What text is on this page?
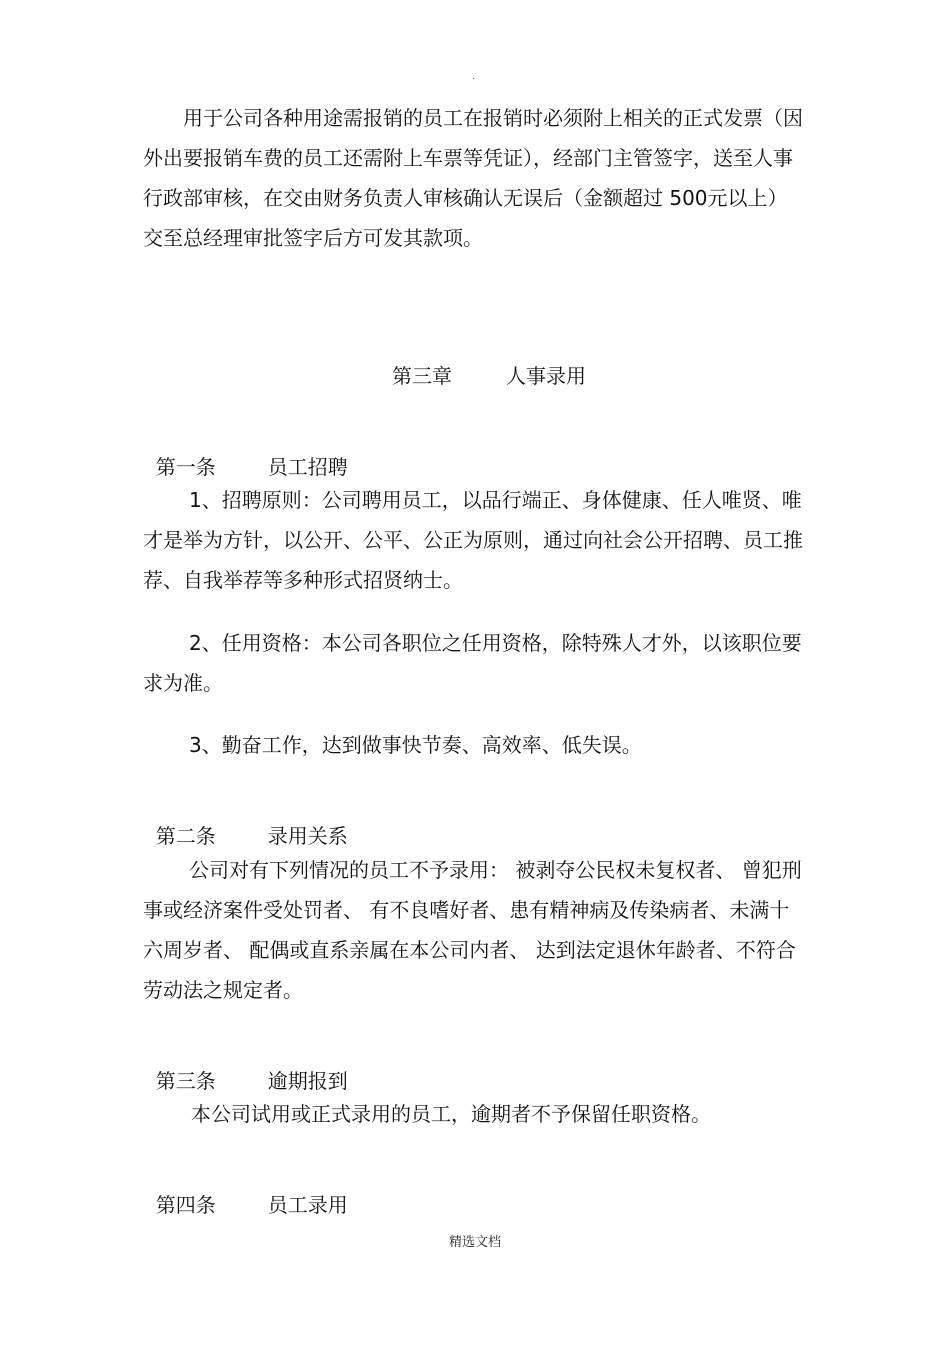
·

用于公司各种用途需报销的员工在报销时必须附上相关的正式发票（因外出要报销车费的员工还需附上车票等凭证），经部门主管签字，送至人事行政部审核，在交由财务负责人审核确认无误后（金额超过 500元以上）交至总经理审批签字后方可发其款项。

第三章	人事录用

第一条	员工招聘

1、招聘原则：公司聘用员工，以品行端正、身体健康、任人唯贤、唯才是举为方针，以公开、公平、公正为原则，通过向社会公开招聘、员工推荐、自我举荐等多种形式招贤纳士。

2、任用资格：本公司各职位之任用资格，除特殊人才外，以该职位要求为准。

3、勤奋工作，达到做事快节奏、高效率、低失误。

第二条	录用关系

公司对有下列情况的员工不予录用： 被剥夺公民权未复权者、 曾犯刑事或经济案件受处罚者、 有不良嗜好者、患有精神病及传染病者、未满十六周岁者、 配偶或直系亲属在本公司内者、 达到法定退休年龄者、不符合劳动法之规定者。

第三条	逾期报到

本公司试用或正式录用的员工，逾期者不予保留任职资格。

第四条	员工录用

精选文档
